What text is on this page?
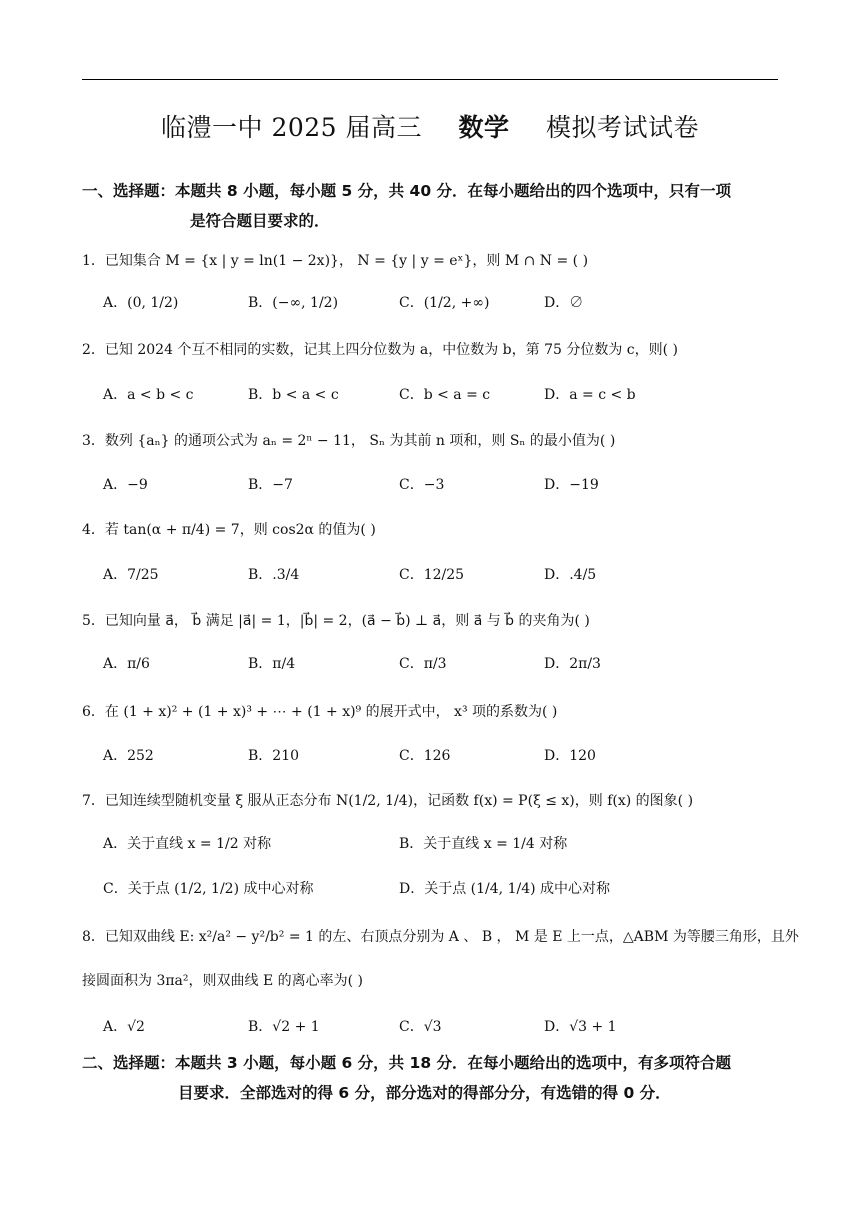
临澧一中 2025 届高三 数学 模拟考试试卷
一、选择题：本题共 8 小题，每小题 5 分，共 40 分．在每小题给出的四个选项中，只有一项
是符合题目要求的．
1．已知集合 M = {x | y = ln(1 − 2x)}， N = {y | y = eˣ}，则 M ∩ N = ( )
A．(0, 1/2)	B．(−∞, 1/2)	C．(1/2, +∞)	D．∅
2．已知 2024 个互不相同的实数，记其上四分位数为 a，中位数为 b，第 75 分位数为 c，则( )
A．a < b < c	B．b < a < c	C．b < a = c	D．a = c < b
3．数列 {aₙ} 的通项公式为 aₙ = 2ⁿ − 11， Sₙ 为其前 n 项和，则 Sₙ 的最小值为( )
A．−9	B．−7	C．−3	D．−19
4．若 tan(α + π/4) = 7，则 cos2α 的值为( )
A．7/25	B．.3/4	C．12/25	D．.4/5
5．已知向量 a⃗， b⃗ 满足 |a⃗| = 1，|b⃗| = 2，(a⃗ − b⃗) ⊥ a⃗，则 a⃗ 与 b⃗ 的夹角为( )
A．π/6	B．π/4	C．π/3	D．2π/3
6．在 (1 + x)² + (1 + x)³ + ⋯ + (1 + x)⁹ 的展开式中， x³ 项的系数为( )
A．252	B．210	C．126	D．120
7．已知连续型随机变量 ξ 服从正态分布 N(1/2, 1/4)，记函数 f(x) = P(ξ ≤ x)，则 f(x) 的图象( )
A．关于直线 x = 1/2 对称	B．关于直线 x = 1/4 对称
C．关于点 (1/2, 1/2) 成中心对称	D．关于点 (1/4, 1/4) 成中心对称
8．已知双曲线 E: x²/a² − y²/b² = 1 的左、右顶点分别为 A 、 B ， M 是 E 上一点，△ABM 为等腰三角形，且外
接圆面积为 3πa²，则双曲线 E 的离心率为( )
A．√2	B．√2 + 1	C．√3	D．√3 + 1
二、选择题：本题共 3 小题，每小题 6 分，共 18 分．在每小题给出的选项中，有多项符合题
目要求．全部选对的得 6 分，部分选对的得部分分，有选错的得 0 分．
